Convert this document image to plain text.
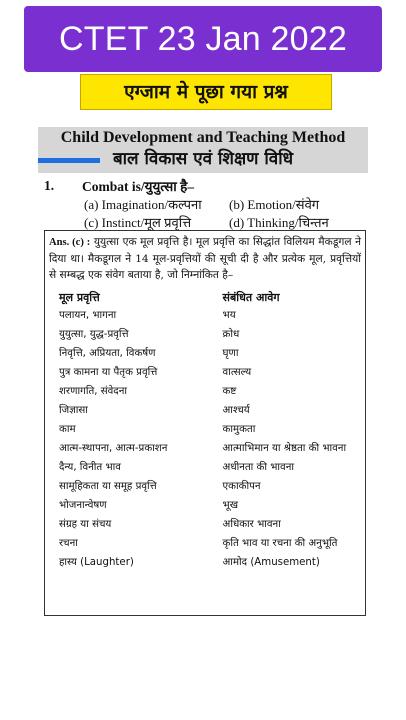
CTET 23 Jan 2022
एग्जाम मे पूछा गया प्रश्न
Child Development and Teaching Method
बाल विकास एवं शिक्षण विधि
1.	Combat is/युयुत्सा है–
(a) Imagination/कल्पना	(b) Emotion/संवेग
(c) Instinct/मूल प्रवृत्ति	(d) Thinking/चिन्तन

Ans. (c) : युयुत्सा एक मूल प्रवृत्ति है। मूल प्रवृत्ति का सिद्धांत विलियम मैकडूगल ने दिया था। मैकडूगल ने 14 मूल-प्रवृत्तियों की सूची दी है और प्रत्येक मूल, प्रवृत्तियों से सम्बद्ध एक संवेग बताया है, जो निम्नांकित है–

मूल प्रवृत्ति	संबंधित आवेग
पलायन, भागना	भय
युयुत्सा, युद्ध-प्रवृत्ति	क्रोध
निवृत्ति, अप्रियता, विकर्षण	घृणा
पुत्र कामना या पैतृक प्रवृत्ति	वात्सल्य
शरणागति, संवेदना	कष्ट
जिज्ञासा	आश्चर्य
काम	कामुकता
आत्म-स्थापना, आत्म-प्रकाशन	आत्माभिमान या श्रेष्ठता की भावना
दैन्य, विनीत भाव	अधीनता की भावना
सामूहिकता या समूह प्रवृत्ति	एकाकीपन
भोजनान्वेषण	भूख
संग्रह या संचय	अधिकार भावना
रचना	कृति भाव या रचना की अनुभूति
हास्य (Laughter)	आमोद (Amusement)
